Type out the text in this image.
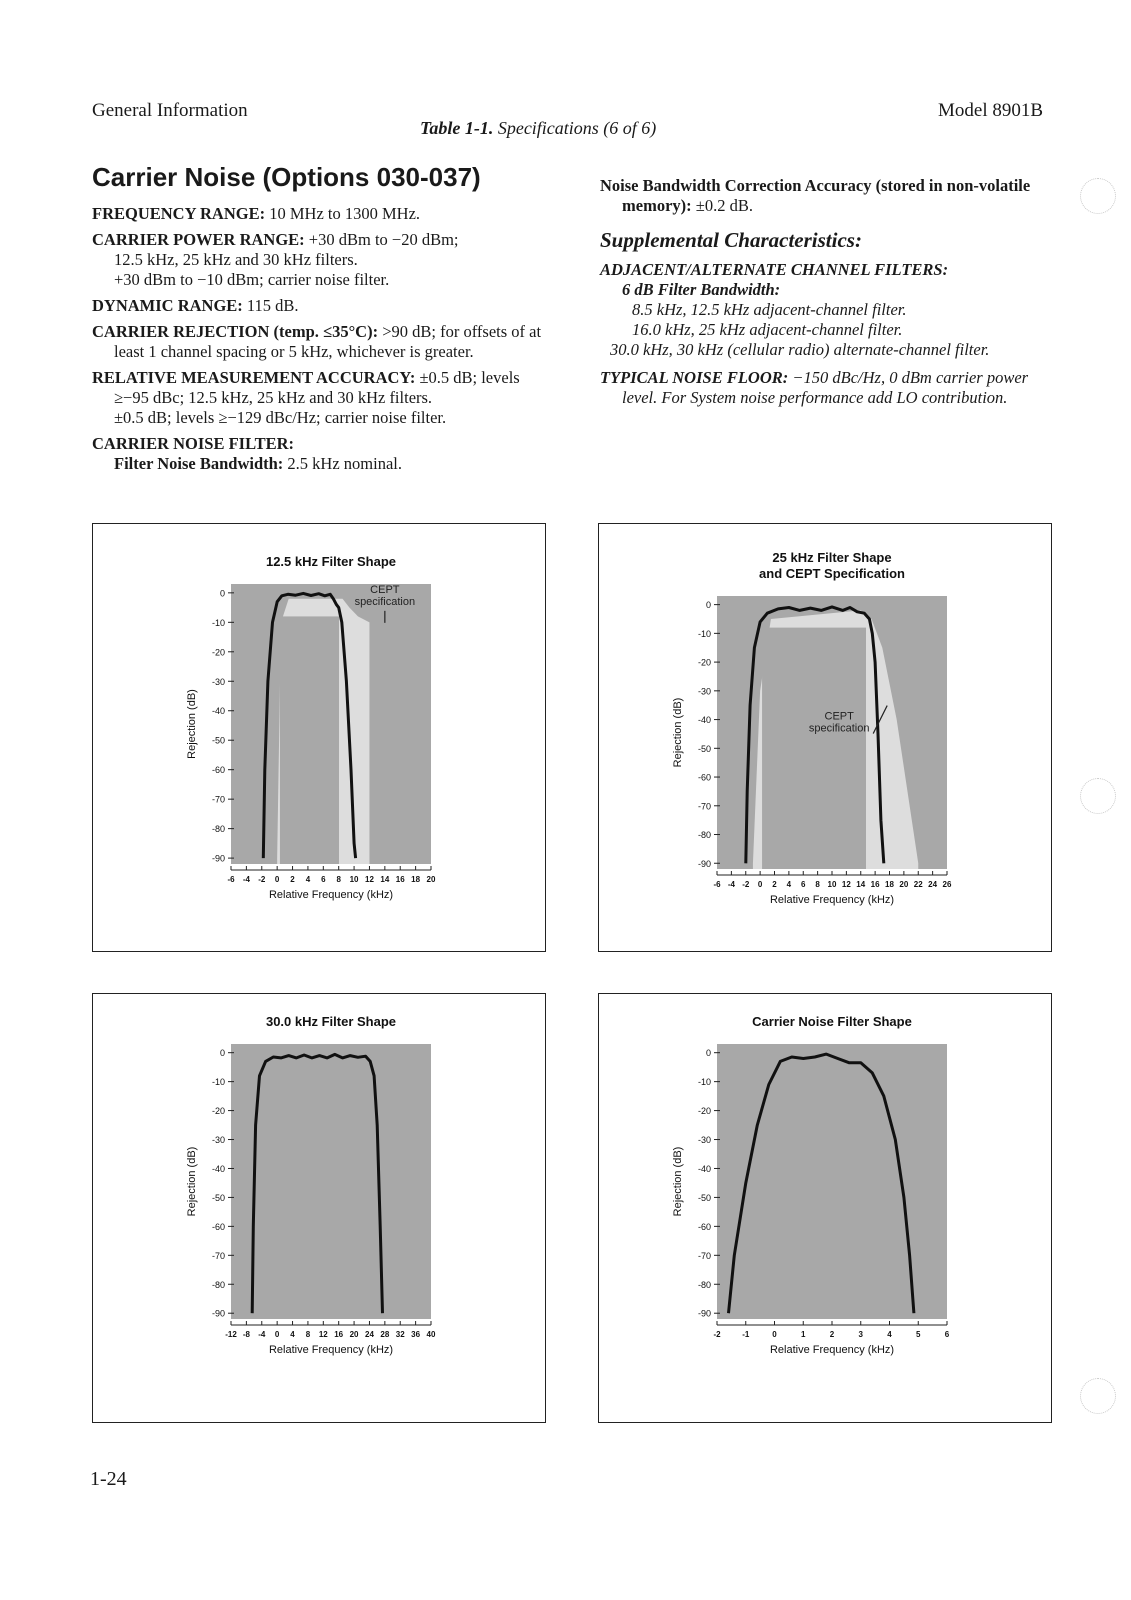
General Information	Model 8901B
Table 1-1. Specifications (6 of 6)
Carrier Noise (Options 030-037)

FREQUENCY RANGE: 10 MHz to 1300 MHz.

CARRIER POWER RANGE: +30 dBm to −20 dBm;
12.5 kHz, 25 kHz and 30 kHz filters.
+30 dBm to −10 dBm; carrier noise filter.

DYNAMIC RANGE: 115 dB.

CARRIER REJECTION (temp. ≤35°C): >90 dB; for offsets of at least 1 channel spacing or 5 kHz, whichever is greater.

RELATIVE MEASUREMENT ACCURACY: ±0.5 dB; levels ≥−95 dBc; 12.5 kHz, 25 kHz and 30 kHz filters.
±0.5 dB; levels ≥−129 dBc/Hz; carrier noise filter.

CARRIER NOISE FILTER:

Filter Noise Bandwidth: 2.5 kHz nominal.

Noise Bandwidth Correction Accuracy (stored in non-volatile memory): ±0.2 dB.

Supplemental Characteristics:

ADJACENT/ALTERNATE CHANNEL FILTERS:

6 dB Filter Bandwidth:

8.5 kHz, 12.5 kHz adjacent-channel filter.
16.0 kHz, 25 kHz adjacent-channel filter.
30.0 kHz, 30 kHz (cellular radio) alternate-channel filter.

TYPICAL NOISE FLOOR: −150 dBc/Hz, 0 dBm carrier power level. For System noise performance add LO contribution.

12.5 kHz Filter Shape
0
-10
-20
-30
-40
-50
-60
-70
-80
-90
-6 -4 -2 0 2 4 6 8 10 12 14 16 18 20
Relative Frequency (kHz)
Rejection (dB)
CEPT
specification
25 kHz Filter Shape
and CEPT Specification
0
-10
-20
-30
-40
-50
-60
-70
-80
-90
-6 -4 -2 0 2 4 6 8 10 12 14 16 18 20 22 24 26
Relative Frequency (kHz)
Rejection (dB)	CEPT
specification
30.0 kHz Filter Shape
0
-10
-20
-30
-40
-50
-60
-70
-80
-90
-12 -8 -4 0 4 8 12 16 20 24 28 32 36 40
Relative Frequency (kHz)
Rejection (dB)
Carrier Noise Filter Shape
0
-10
-20
-30
-40
-50
-60
-70
-80
-90
-2	-1	0	1	2	3	4	5	6
Relative Frequency (kHz)
Rejection (dB)
1-24
